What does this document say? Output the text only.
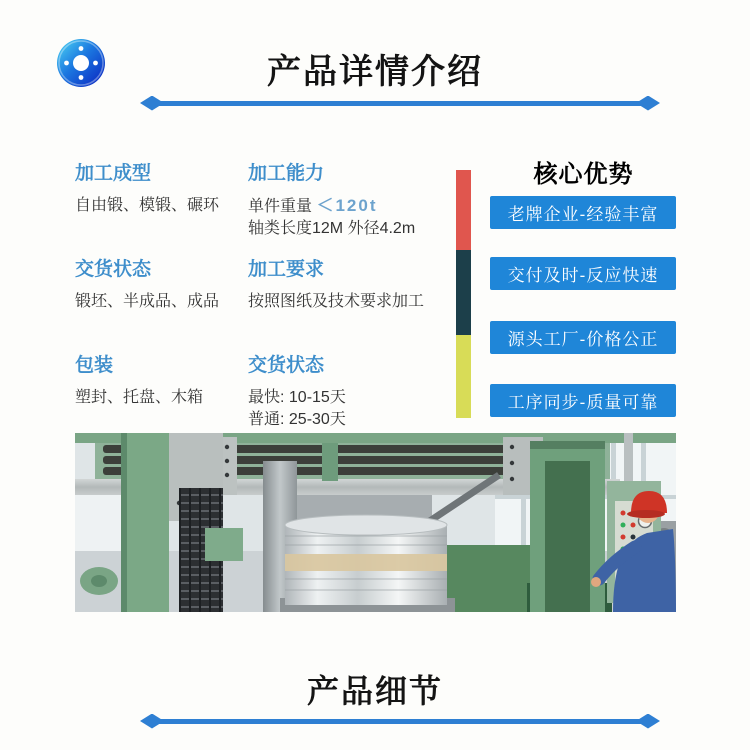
产品详情介绍
加工成型
自由锻、模锻、碾环
交货状态
锻坯、半成品、成品
包装
塑封、托盘、木箱
加工能力
单件重量 ＜120t
轴类长度12M 外径4.2m
加工要求
按照图纸及技术要求加工
交货状态
最快: 10-15天
普通: 25-30天
核心优势
老牌企业-经验丰富
交付及时-反应快速
源头工厂-价格公正
工序同步-质量可靠
产品细节
